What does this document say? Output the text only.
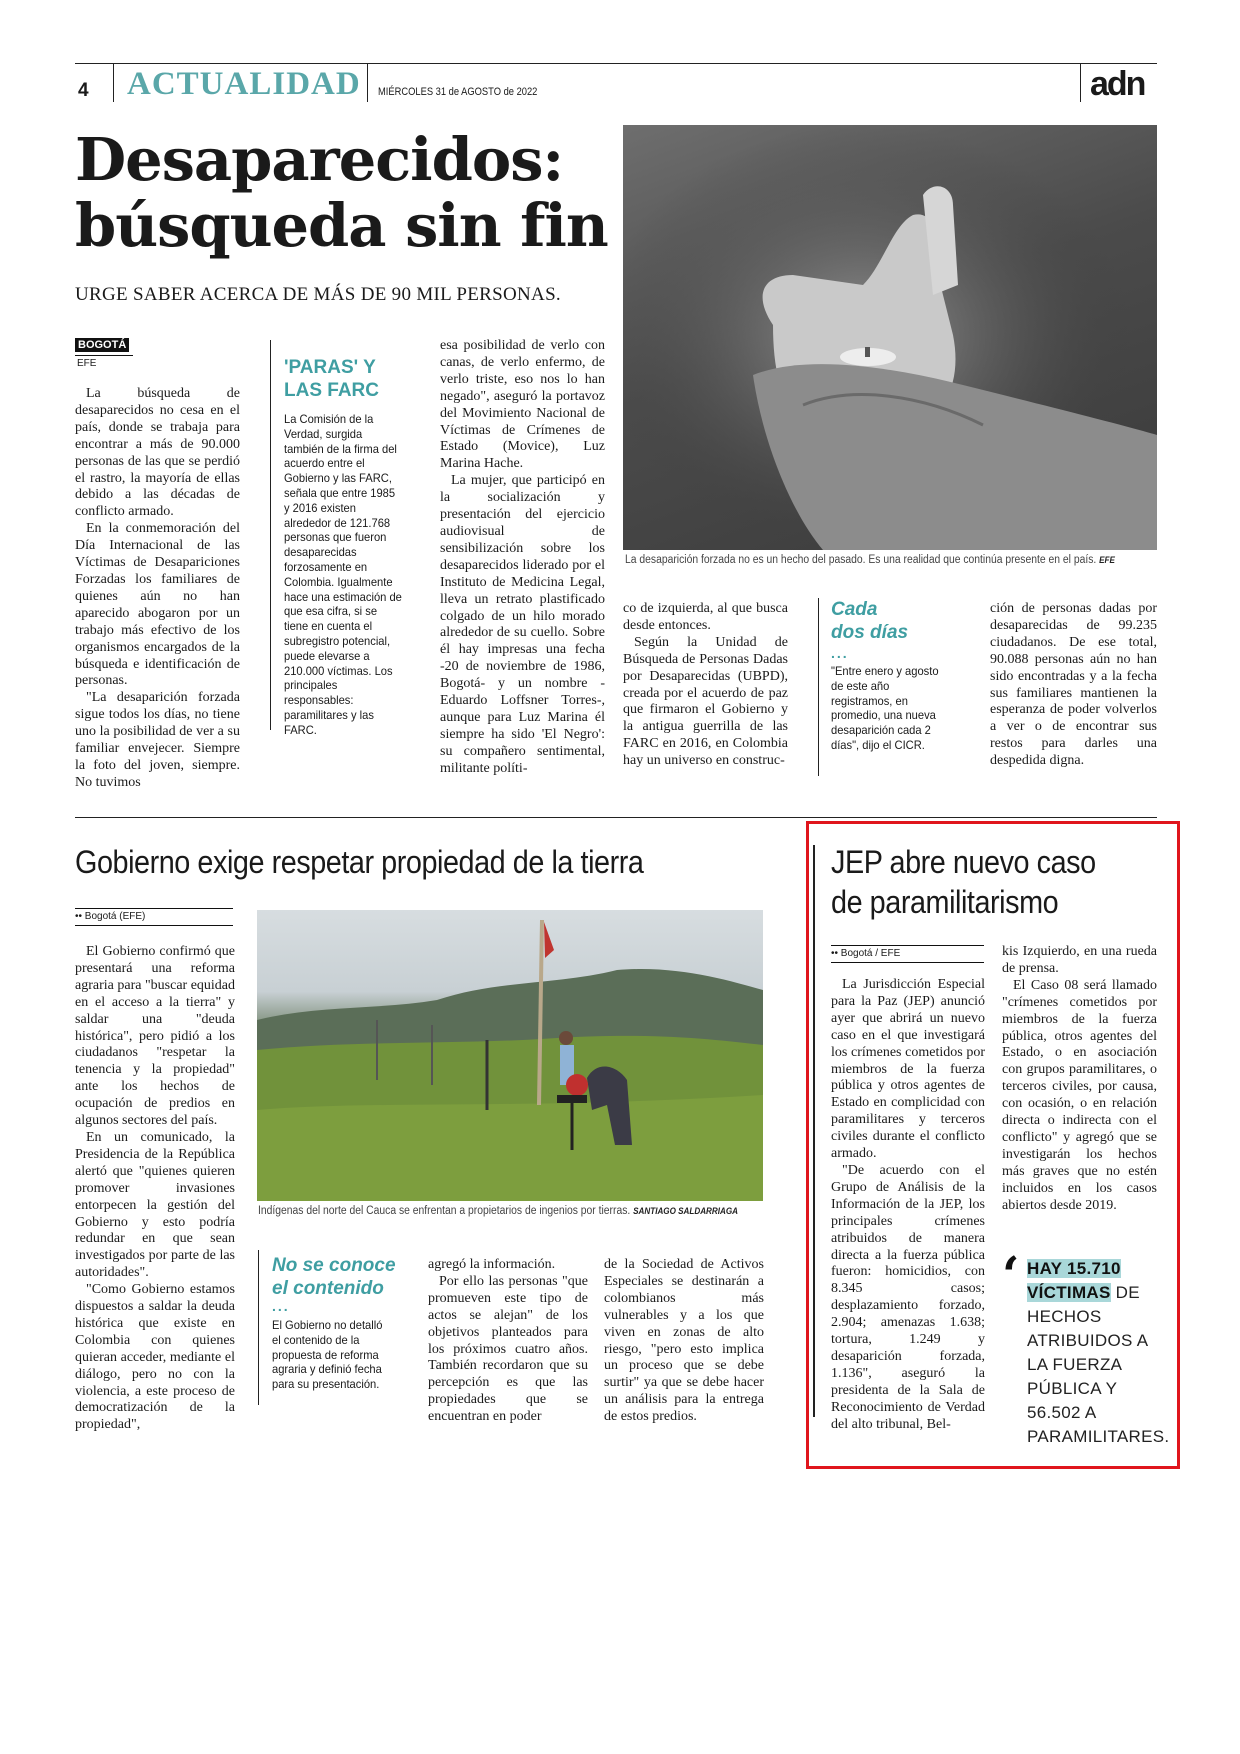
4 ACTUALIDAD MIÉRCOLES 31 de AGOSTO de 2022	adn
Desaparecidos:
búsqueda sin fin
URGE SABER ACERCA DE MÁS DE 90 MIL PERSONAS.
BOGOTÁ
EFE

La búsqueda de desaparecidos no cesa en el país, donde se trabaja para encontrar a más de 90.000 personas de las que se perdió el rastro, la mayoría de ellas debido a las décadas de conflicto armado.

En la conmemoración del Día Internacional de las Víctimas de Desapariciones Forzadas los familiares de quienes aún no han aparecido abogaron por un trabajo más efectivo de los organismos encargados de la búsqueda e identificación de personas.

"La desaparición forzada sigue todos los días, no tiene uno la posibilidad de ver a su familiar envejecer. Siempre la foto del joven, siempre. No tuvimos

'PARAS' Y LAS FARC
La Comisión de la Verdad, surgida también de la firma del acuerdo entre el Gobierno y las FARC, señala que entre 1985 y 2016 existen alrededor de 121.768 personas que fueron desaparecidas forzosamente en Colombia. Igualmente hace una estimación de que esa cifra, si se tiene en cuenta el subregistro potencial, puede elevarse a 210.000 víctimas. Los principales responsables: paramilitares y las FARC.

esa posibilidad de verlo con canas, de verlo enfermo, de verlo triste, eso nos lo han negado", aseguró la portavoz del Movimiento Nacional de Víctimas de Crímenes de Estado (Movice), Luz Marina Hache.

La mujer, que participó en la socialización y presentación del ejercicio audiovisual de sensibilización sobre los desaparecidos liderado por el Instituto de Medicina Legal, lleva un retrato plastificado colgado de un hilo morado alrededor de su cuello. Sobre él hay impresas una fecha -20 de noviembre de 1986, Bogotá- y un nombre -Eduardo Loffsner Torres-, aunque para Luz Marina él siempre ha sido 'El Negro': su compañero sentimental, militante políti-

La desaparición forzada no es un hecho del pasado. Es una realidad que continúa presente en el país. EFE

co de izquierda, al que busca desde entonces.

Según la Unidad de Búsqueda de Personas Dadas por Desaparecidas (UBPD), creada por el acuerdo de paz que firmaron el Gobierno y la antigua guerrilla de las FARC en 2016, en Colombia hay un universo en construc-

Cada
dos días
...
"Entre enero y agosto de este año registramos, en promedio, una nueva desaparición cada 2 días", dijo el CICR.

ción de personas dadas por desaparecidas de 99.235 ciudadanos. De ese total, 90.088 personas aún no han sido encontradas y a la fecha sus familiares mantienen la esperanza de poder volverlos a ver o de encontrar sus restos para darles una despedida digna.

Gobierno exige respetar propiedad de la tierra
•• Bogotá (EFE)

El Gobierno confirmó que presentará una reforma agraria para "buscar equidad en el acceso a la tierra" y saldar una "deuda histórica", pero pidió a los ciudadanos "respetar la tenencia y la propiedad" ante los hechos de ocupación de predios en algunos sectores del país.

En un comunicado, la Presidencia de la República alertó que "quienes quieren promover invasiones entorpecen la gestión del Gobierno y esto podría redundar en que sean investigados por parte de las autoridades".

"Como Gobierno estamos dispuestos a saldar la deuda histórica que existe en Colombia con quienes quieran acceder, mediante el diálogo, pero no con la violencia, a este proceso de democratización de la propiedad",

Indígenas del norte del Cauca se enfrentan a propietarios de ingenios por tierras. SANTIAGO SALDARRIAGA
No se conoce
el contenido
...
El Gobierno no detalló el contenido de la propuesta de reforma agraria y definió fecha para su presentación.

agregó la información.

Por ello las personas "que promueven este tipo de actos se alejan" de los objetivos planteados para los próximos cuatro años. También recordaron que su percepción es que las propiedades que se encuentran en poder

de la Sociedad de Activos Especiales se destinarán a colombianos más vulnerables y a los que viven en zonas de alto riesgo, "pero esto implica un proceso que se debe surtir" ya que se debe hacer un análisis para la entrega de estos predios.

JEP abre nuevo caso
de paramilitarismo
•• Bogotá / EFE

La Jurisdicción Especial para la Paz (JEP) anunció ayer que abrirá un nuevo caso en el que investigará los crímenes cometidos por miembros de la fuerza pública y otros agentes de Estado en complicidad con paramilitares y terceros civiles durante el conflicto armado.

"De acuerdo con el Grupo de Análisis de la Información de la JEP, los principales crímenes atribuidos de manera directa a la fuerza pública fueron: homicidios, con 8.345 casos; desplazamiento forzado, 2.904; amenazas 1.638; tortura, 1.249 y desaparición forzada, 1.136", aseguró la presidenta de la Sala de Reconocimiento de Verdad del alto tribunal, Bel-

kis Izquierdo, en una rueda de prensa.

El Caso 08 será llamado "crímenes cometidos por miembros de la fuerza pública, otros agentes del Estado, o en asociación con grupos paramilitares, o terceros civiles, por causa, con ocasión, o en relación directa o indirecta con el conflicto" y agregó que se investigarán los hechos más graves que no estén incluidos en los casos abiertos desde 2019.

‘ HAY 15.710
VÍCTIMAS DE HECHOS ATRIBUIDOS A LA FUERZA PÚBLICA Y 56.502 A PARAMILITARES.
